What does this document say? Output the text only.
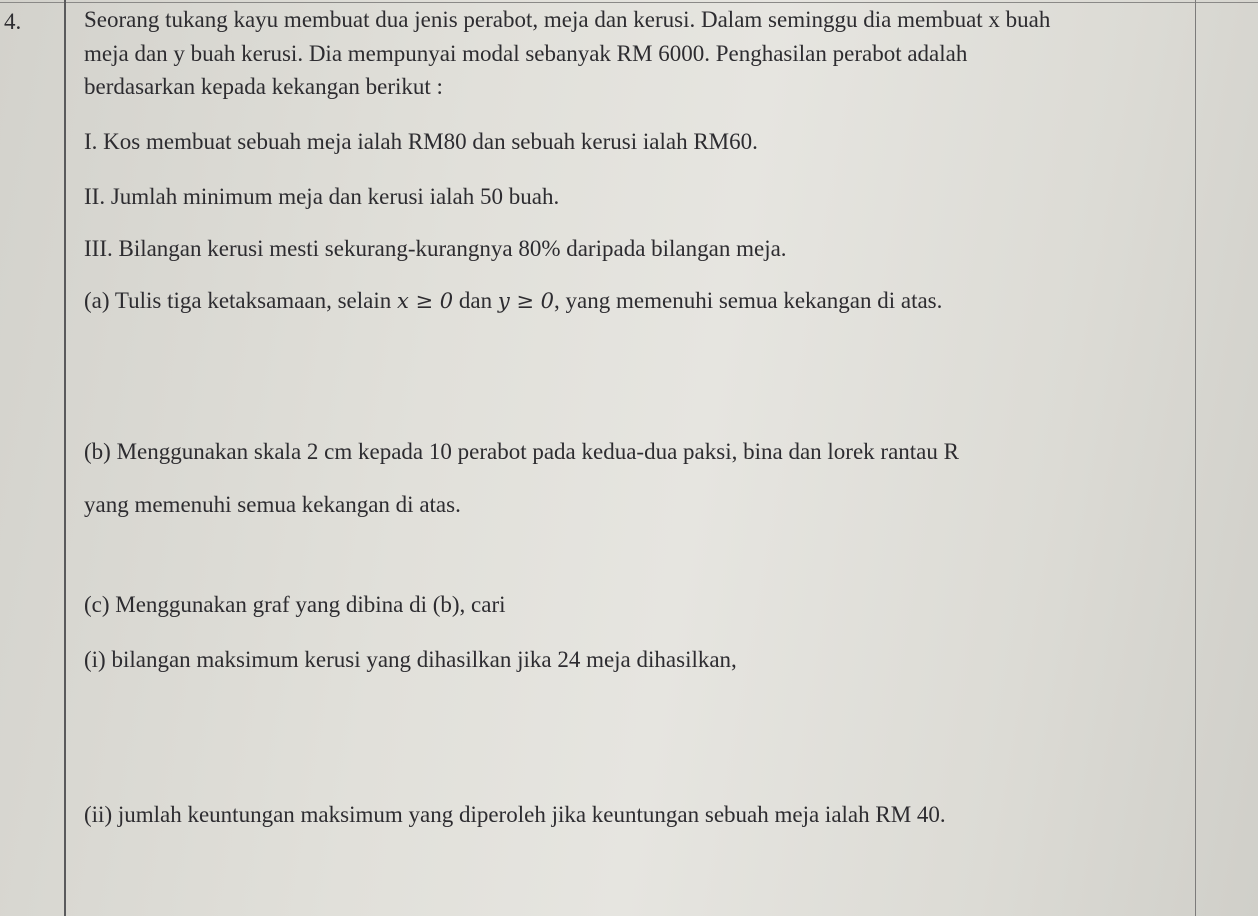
4.	Seorang tukang kayu membuat dua jenis perabot, meja dan kerusi. Dalam seminggu dia membuat x buah
meja dan y buah kerusi. Dia mempunyai modal sebanyak RM 6000. Penghasilan perabot adalah
berdasarkan kepada kekangan berikut :
I. Kos membuat sebuah meja ialah RM80 dan sebuah kerusi ialah RM60.
II. Jumlah minimum meja dan kerusi ialah 50 buah.
III. Bilangan kerusi mesti sekurang-kurangnya 80% daripada bilangan meja.
(a) Tulis tiga ketaksamaan, selain x ≥ 0 dan y ≥ 0, yang memenuhi semua kekangan di atas.
(b) Menggunakan skala 2 cm kepada 10 perabot pada kedua-dua paksi, bina dan lorek rantau R
yang memenuhi semua kekangan di atas.
(c) Menggunakan graf yang dibina di (b), cari
(i) bilangan maksimum kerusi yang dihasilkan jika 24 meja dihasilkan,
(ii) jumlah keuntungan maksimum yang diperoleh jika keuntungan sebuah meja ialah RM 40.
